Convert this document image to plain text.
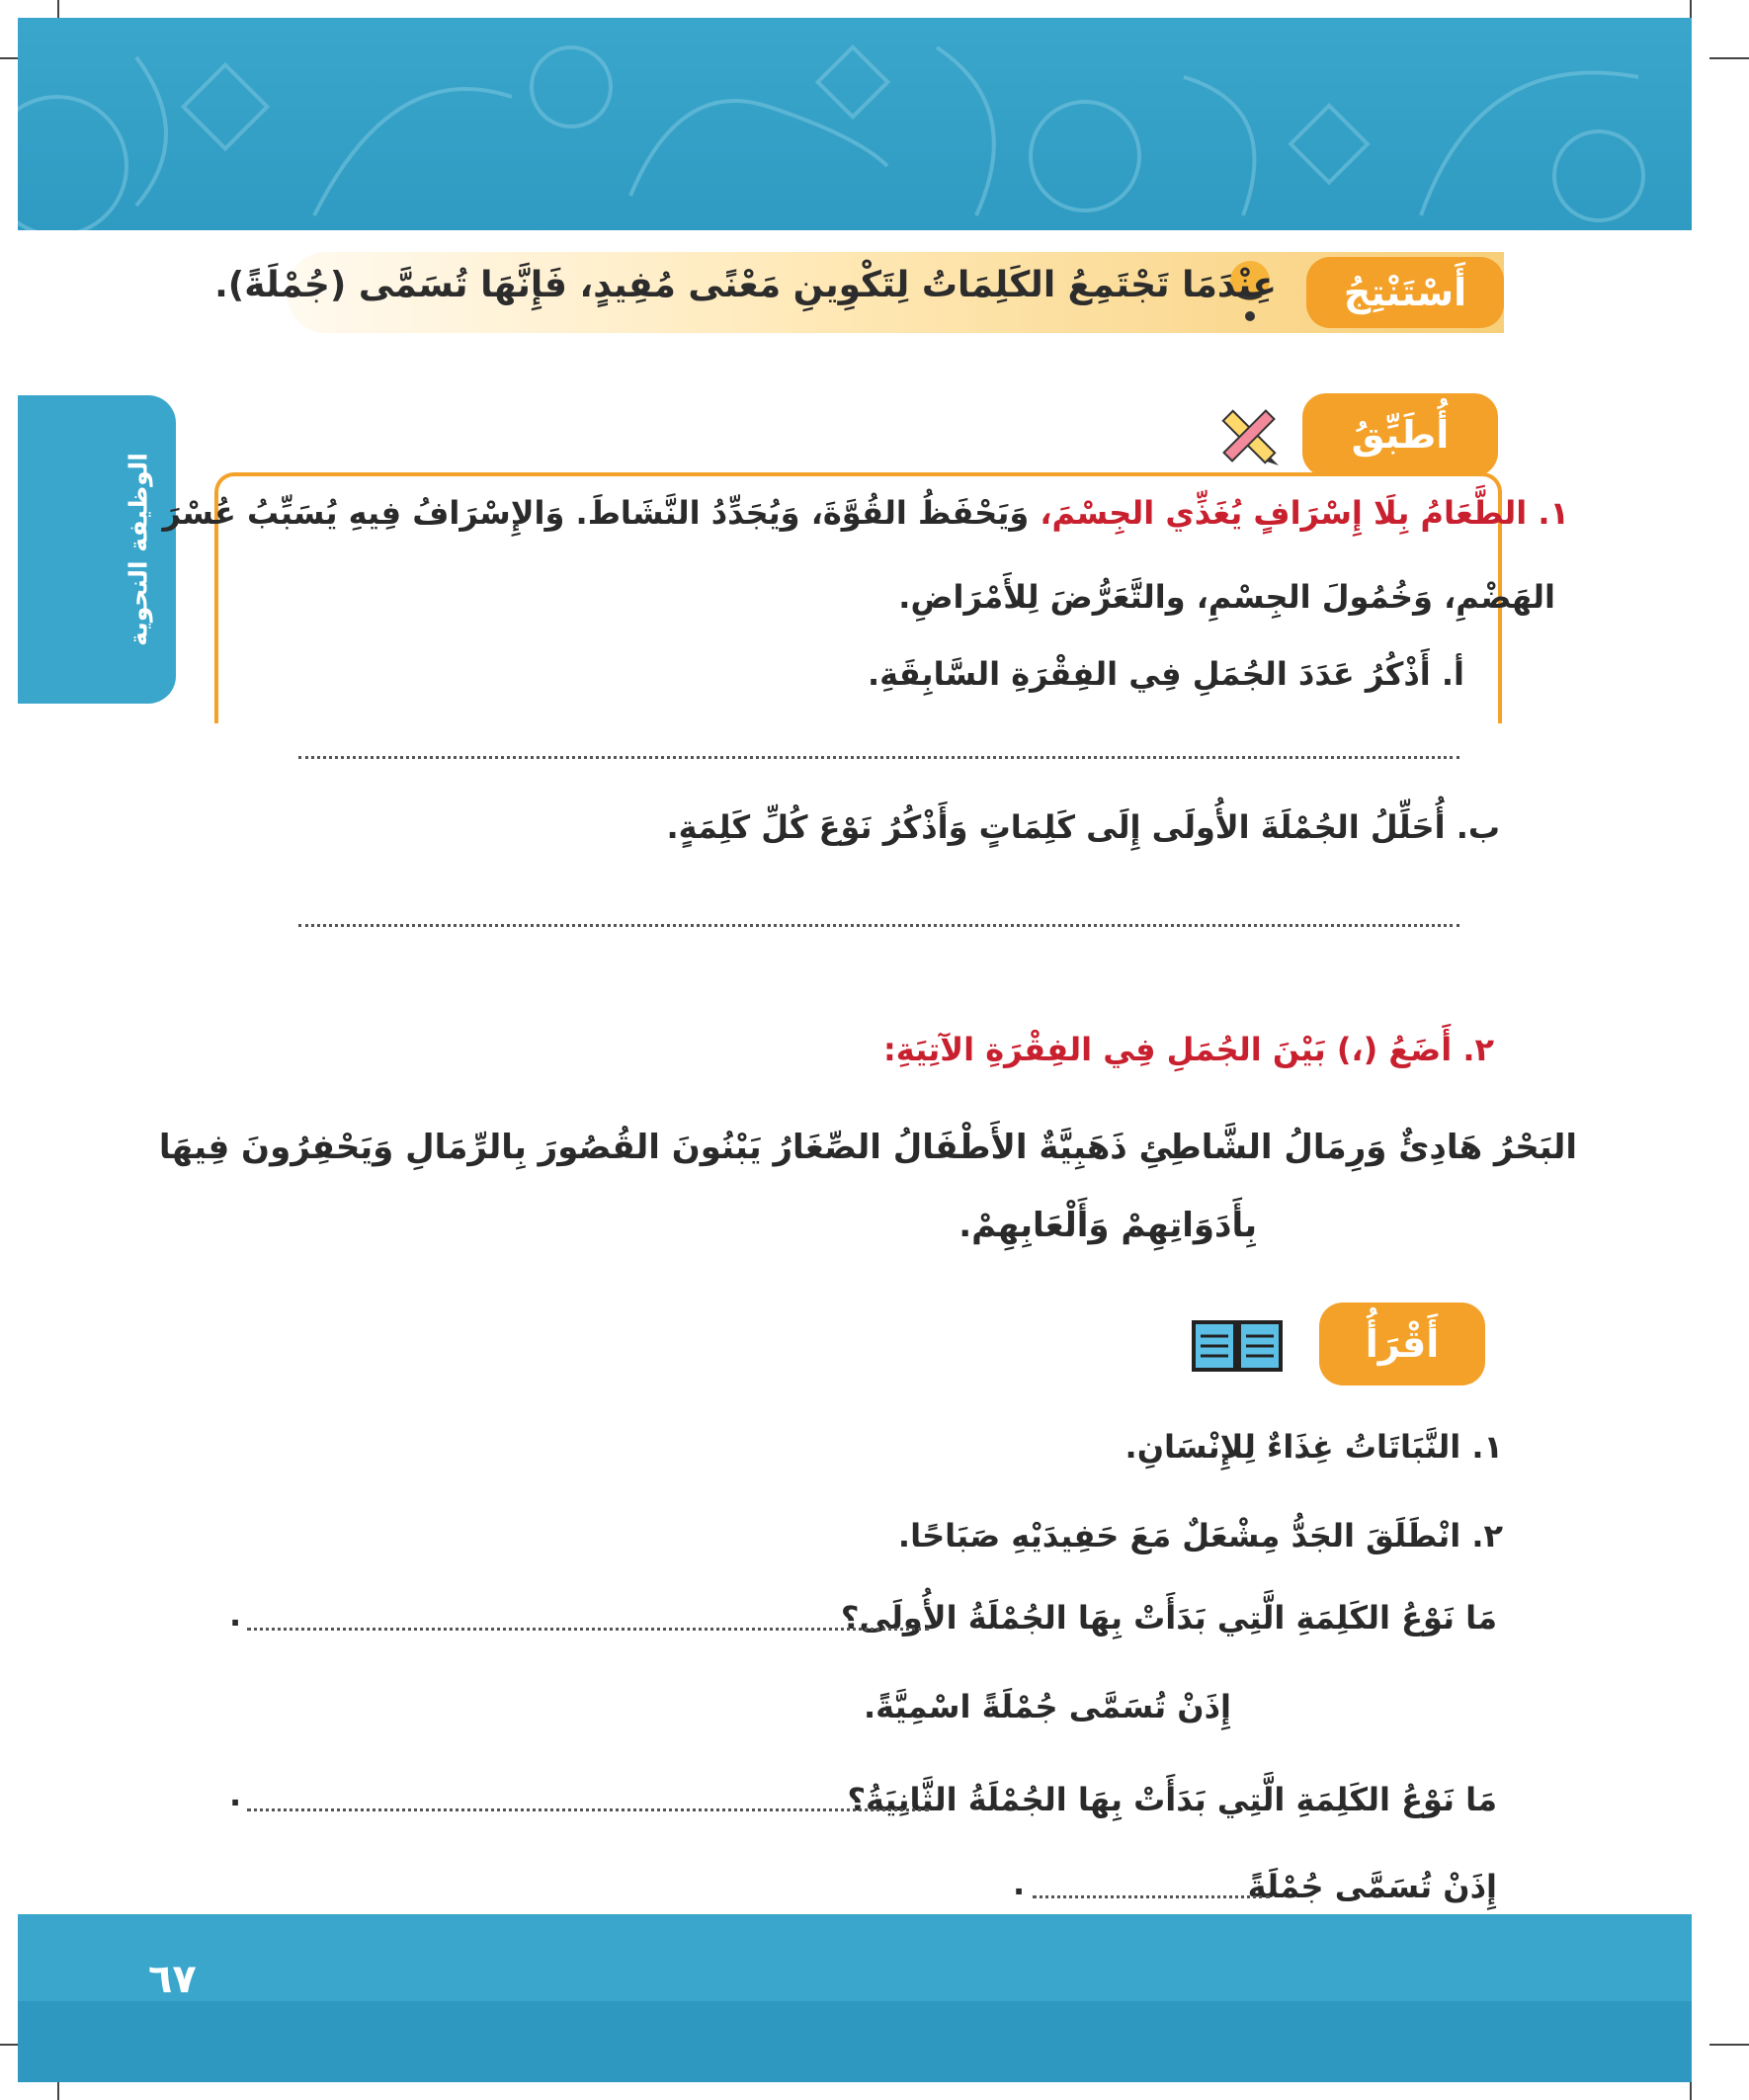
أَسْتَنْتِجُ
عِنْدَمَا تَجْتَمِعُ الكَلِمَاتُ لِتَكْوِينِ مَعْنًى مُفِيدٍ، فَإِنَّهَا تُسَمَّى (جُمْلَةً).
الوظيفة النحوية
أُطَبِّقُ
١. الطَّعَامُ بِلَا إِسْرَافٍ يُغَذِّي الجِسْمَ، وَيَحْفَظُ القُوَّةَ، وَيُجَدِّدُ النَّشَاطَ. وَالإِسْرَافُ فِيهِ يُسَبِّبُ عُسْرَ
الهَضْمِ، وَخُمُولَ الجِسْمِ، والتَّعَرُّضَ لِلأَمْرَاضِ.
أ. أَذْكُرُ عَدَدَ الجُمَلِ فِي الفِقْرَةِ السَّابِقَةِ.
ب. أُحَلِّلُ الجُمْلَةَ الأُولَى إِلَى كَلِمَاتٍ وَأَذْكُرُ نَوْعَ كُلِّ كَلِمَةٍ.
٢. أَضَعُ (،) بَيْنَ الجُمَلِ فِي الفِقْرَةِ الآتِيَةِ:
البَحْرُ هَادِئٌ وَرِمَالُ الشَّاطِئِ ذَهَبِيَّةٌ الأَطْفَالُ الصِّغَارُ يَبْنُونَ القُصُورَ بِالرِّمَالِ وَيَحْفِرُونَ فِيهَا
بِأَدَوَاتِهِمْ وَأَلْعَابِهِمْ.
أَقْرَأُ
١. النَّبَاتَاتُ غِذَاءٌ لِلإِنْسَانِ.
٢. انْطَلَقَ الجَدُّ مِشْعَلٌ مَعَ حَفِيدَيْهِ صَبَاحًا.
مَا نَوْعُ الكَلِمَةِ الَّتِي بَدَأَتْ بِهَا الجُمْلَةُ الأُولَى؟
.
إِذَنْ تُسَمَّى جُمْلَةً اسْمِيَّةً.
مَا نَوْعُ الكَلِمَةِ الَّتِي بَدَأَتْ بِهَا الجُمْلَةُ الثَّانِيَةُ؟
.
إِذَنْ تُسَمَّى جُمْلَةً
.
٦٧
